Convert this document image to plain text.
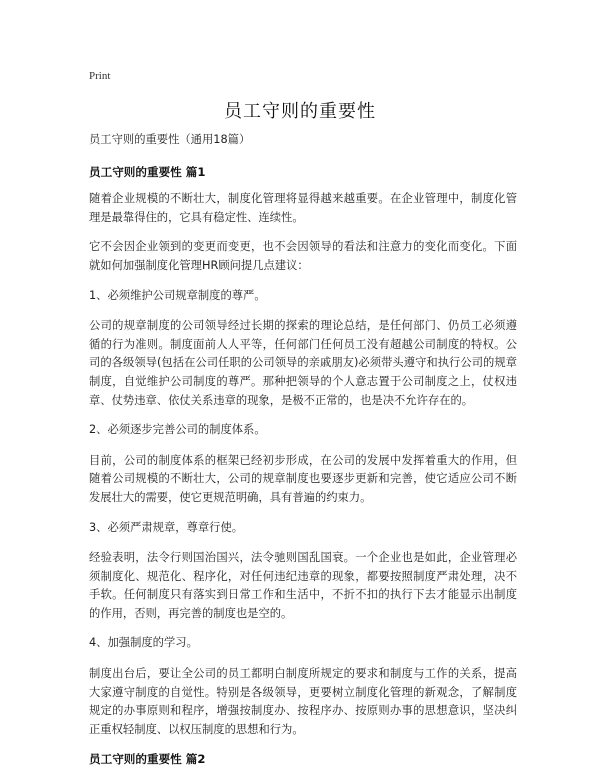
Print
员工守则的重要性

员工守则的重要性（通用18篇）

员工守则的重要性 篇1

随着企业规模的不断壮大，制度化管理将显得越来越重要。在企业管理中，制度化管理是最靠得住的，它具有稳定性、连续性。

它不会因企业领到的变更而变更，也不会因领导的看法和注意力的变化而变化。下面就如何加强制度化管理HR顾问提几点建议：

1、必须维护公司规章制度的尊严。

公司的规章制度的公司领导经过长期的探索的理论总结，是任何部门、仍员工必须遵循的行为准则。制度面前人人平等，任何部门任何员工没有超越公司制度的特权。公司的各级领导(包括在公司任职的公司领导的亲戚朋友)必须带头遵守和执行公司的规章制度，自觉维护公司制度的尊严。那种把领导的个人意志置于公司制度之上，仗权违章、仗势违章、依仗关系违章的现象，是极不正常的，也是决不允许存在的。

2、必须逐步完善公司的制度体系。

目前，公司的制度体系的框架已经初步形成，在公司的发展中发挥着重大的作用，但随着公司规模的不断壮大，公司的规章制度也要逐步更新和完善，使它适应公司不断发展壮大的需要，使它更规范明确，具有普遍的约束力。

3、必须严肃规章，尊章行使。

经验表明，法令行则国治国兴，法令驰则国乱国衰。一个企业也是如此，企业管理必须制度化、规范化、程序化，对任何违纪违章的现象，都要按照制度严肃处理，决不手软。任何制度只有落实到日常工作和生活中，不折不扣的执行下去才能显示出制度的作用，否则，再完善的制度也是空的。

4、加强制度的学习。

制度出台后，要让全公司的员工都明白制度所规定的要求和制度与工作的关系，提高大家遵守制度的自觉性。特别是各级领导，更要树立制度化管理的新观念，了解制度规定的办事原则和程序，增强按制度办、按程序办、按原则办事的思想意识，坚决纠正重权轻制度、以权压制度的思想和行为。

员工守则的重要性 篇2
